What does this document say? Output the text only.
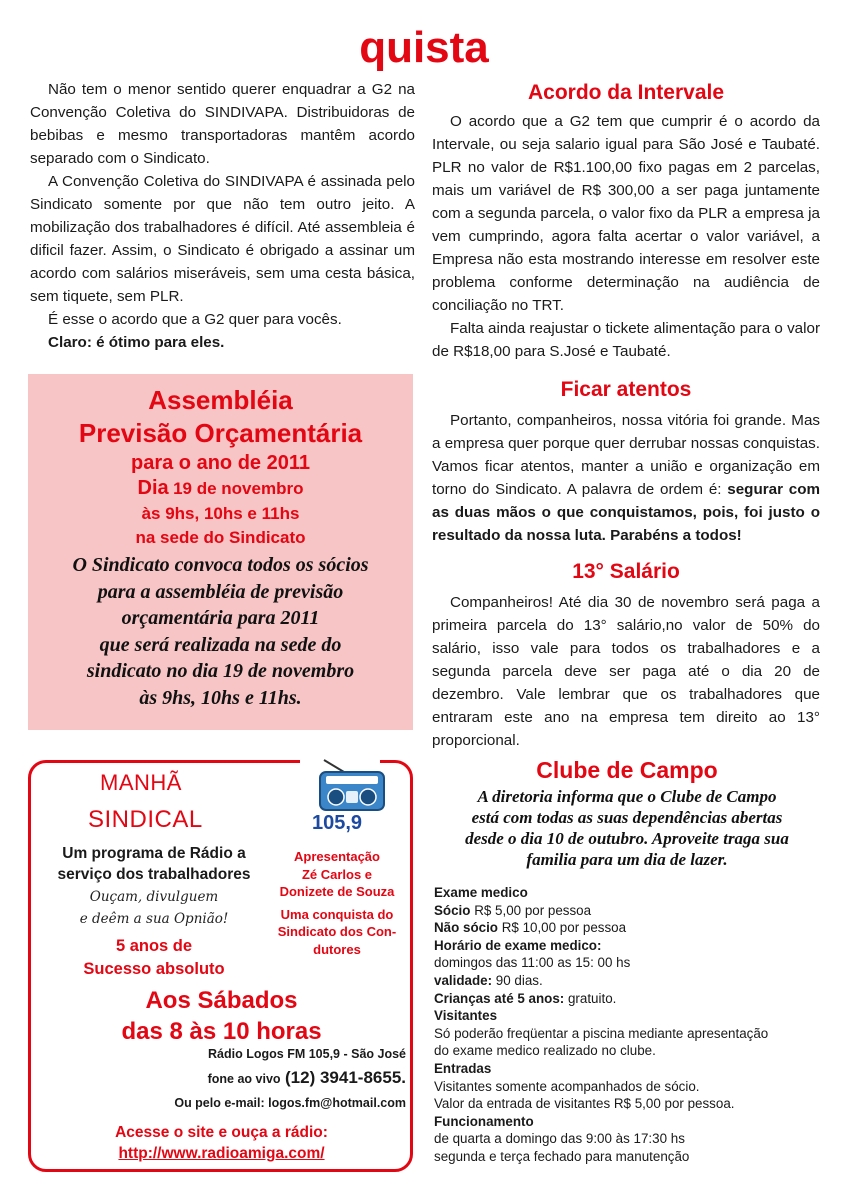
quista

Não tem o menor sentido querer enquadrar a G2 na Convenção Coletiva do SINDIVAPA. Distribuidoras de bebibas e mesmo transportadoras mantêm acordo separado com o Sindicato.

A Convenção Coletiva do SINDIVAPA é assinada pelo Sindicato somente por que não tem outro jeito. A mobilização dos trabalhadores é difícil. Até assembleia é dificil fazer. Assim, o Sindicato é obrigado a assinar um acordo com salários miseráveis, sem uma cesta básica, sem tiquete, sem PLR.

É esse o acordo que a G2 quer para vocês.

Claro: é ótimo para eles.

Assembléia
Previsão Orçamentária
para o ano de 2011
Dia 19 de novembro
às 9hs, 10hs e 11hs
na sede do Sindicato
O Sindicato convoca todos os sócios
para a assembléia de previsão
orçamentária para 2011
que será realizada na sede do
sindicato no dia 19 de novembro
às 9hs, 10hs e 11hs.
Acordo da Intervale

O acordo que a G2 tem que cumprir é o acordo da Intervale, ou seja salario igual para São José e Taubaté. PLR no valor de R$1.100,00 fixo pagas em 2 parcelas, mais um variável de R$ 300,00 a ser paga juntamente com a segunda parcela, o valor fixo da PLR a empresa ja vem cumprindo, agora falta acertar o valor variável, a Empresa não esta mostrando interesse em resolver este problema conforme determinação na audiência de conciliação no TRT.

Falta ainda reajustar o tickete alimentação para o valor de R$18,00 para S.José e Taubaté.

Ficar atentos

Portanto, companheiros, nossa vitória foi grande. Mas a empresa quer porque quer derrubar nossas conquistas. Vamos ficar atentos, manter a união e organização em torno do Sindicato. A palavra de ordem é: segurar com as duas mãos o que conquistamos, pois, foi justo o resultado da nossa luta. Parabéns a todos!

13° Salário

Companheiros! Até dia 30 de novembro será paga a primeira parcela do 13° salário,no valor de 50% do salário, isso vale para todos os trabalhadores e a segunda parcela deve ser paga até o dia 20 de dezembro. Vale lembrar que os trabalhadores que entraram este ano na empresa tem direito ao 13° proporcional.

MANHÃ
SINDICAL	105,9
Um programa de Rádio a
serviço dos trabalhadores
Ouçam, divulguem
e deêm a sua Opnião!
5 anos de
Sucesso absoluto
Apresentação
Zé Carlos e
Donizete de Souza
Uma conquista do
Sindicato dos Con-
dutores
Aos Sábados
das 8 às 10 horas
Rádio Logos FM 105,9 - São José
fone ao vivo (12) 3941-8655.
Ou pelo e-mail: logos.fm@hotmail.com
Acesse o site e ouça a rádio:
http://www.radioamiga.com/
Clube de Campo
A diretoria informa que o Clube de Campo
está com todas as suas dependências abertas
desde o dia 10 de outubro. Aproveite traga sua
familia para um dia de lazer.
Exame medico
Sócio R$ 5,00 por pessoa
Não sócio R$ 10,00 por pessoa
Horário de exame medico:
domingos das 11:00 as 15: 00 hs
validade: 90 dias.
Crianças até 5 anos: gratuito.
Visitantes
Só poderão freqüentar a piscina mediante apresentação
do exame medico realizado no clube.
Entradas
Visitantes somente acompanhados de sócio.
Valor da entrada de visitantes R$ 5,00 por pessoa.
Funcionamento
de quarta a domingo das 9:00 às 17:30 hs
segunda e terça fechado para manutenção
